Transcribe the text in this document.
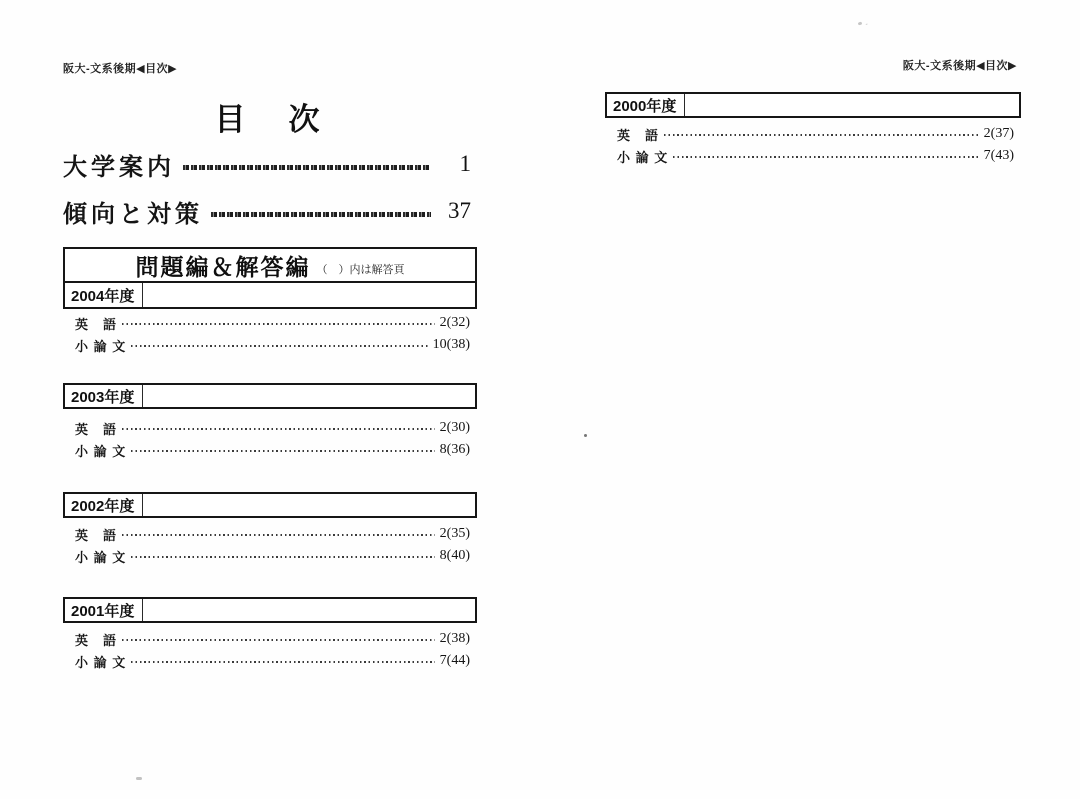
阪大-文系後期◀目次▶	阪大-文系後期◀目次▶
目　次
大学案内	1
傾向と対策	37
問題編＆解答編 （　）内は解答頁
2004年度
英　語	2(32)
小 論 文	10(38)
2003年度
英　語	2(30)
小 論 文	8(36)
2002年度
英　語	2(35)
小 論 文	8(40)
2001年度
英　語	2(38)
小 論 文	7(44)
2000年度
英　語	2(37)
小 論 文	7(43)
